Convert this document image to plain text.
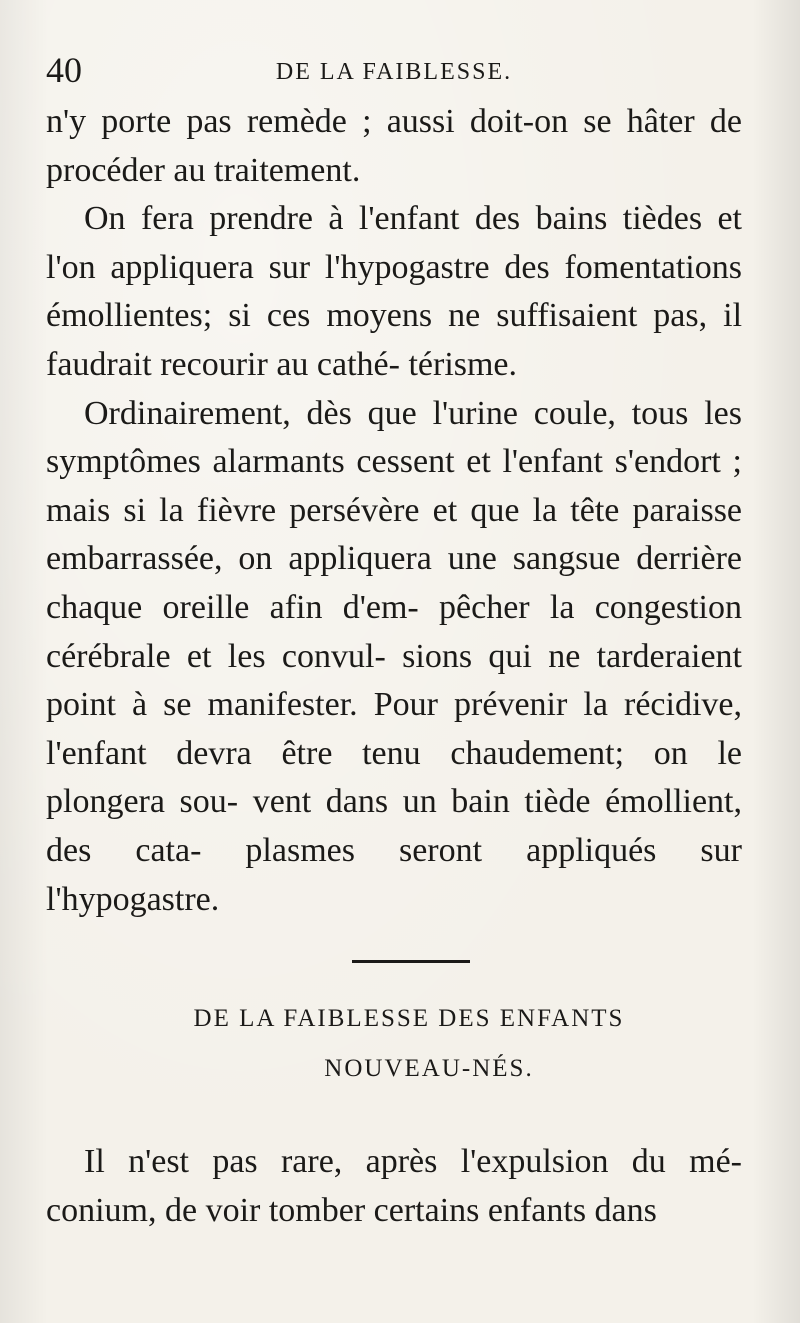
40	DE LA FAIBLESSE.

n'y porte pas remède ; aussi doit-on se hâter de procéder au traitement.

On fera prendre à l'enfant des bains tièdes et l'on appliquera sur l'hypogastre des fomentations émollientes; si ces moyens ne suffisaient pas, il faudrait recourir au cathé- térisme.

Ordinairement, dès que l'urine coule, tous les symptômes alarmants cessent et l'enfant s'endort ; mais si la fièvre persévère et que la tête paraisse embarrassée, on appliquera une sangsue derrière chaque oreille afin d'em- pêcher la congestion cérébrale et les convul- sions qui ne tarderaient point à se manifester. Pour prévenir la récidive, l'enfant devra être tenu chaudement; on le plongera sou- vent dans un bain tiède émollient, des cata- plasmes seront appliqués sur l'hypogastre.

DE LA FAIBLESSE DES ENFANTS
NOUVEAU-NÉS.

Il n'est pas rare, après l'expulsion du mé- conium, de voir tomber certains enfants dans
